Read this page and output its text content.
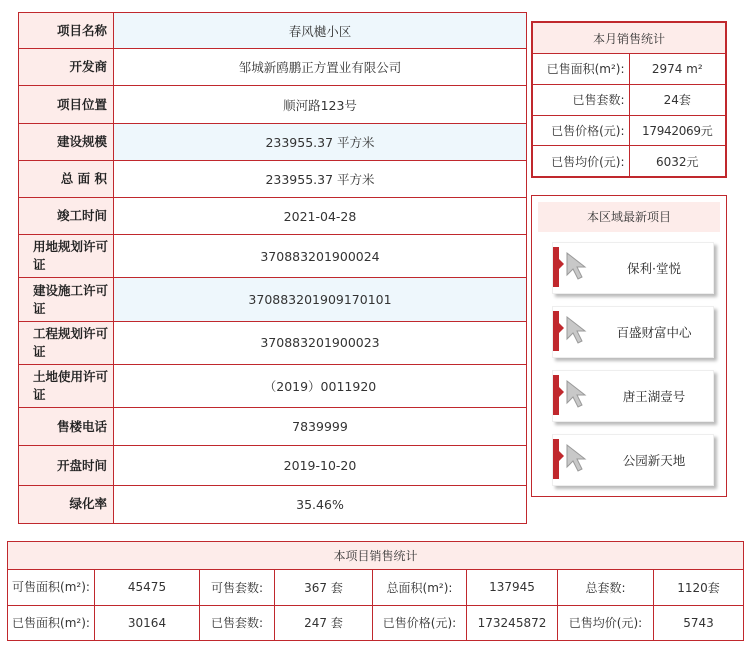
项目名称	春风樾小区
开发商	邹城新鸥鹏正方置业有限公司
项目位置	顺河路123号
建设规模	233955.37 平方米
总 面 积	233955.37 平方米
竣工时间	2021-04-28
用地规划许可证	370883201900024
建设施工许可证	370883201909170101
工程规划许可证	370883201900023
土地使用许可证	（2019）0011920
售楼电话	7839999
开盘时间	2019-10-20
绿化率	35.46%
本月销售统计	
已售面积(m²):	2974 m²
已售套数:	24套
已售价格(元):	17942069元
已售均价(元):	6032元
本区域最新项目
保利·堂悦
百盛财富中心
唐王湖壹号
公园新天地
本项目销售统计							
可售面积(m²):	45475	可售套数:	367 套	总面积(m²):	137945	总套数:	1120套
已售面积(m²):	30164	已售套数:	247 套	已售价格(元):	173245872	已售均价(元):	5743
